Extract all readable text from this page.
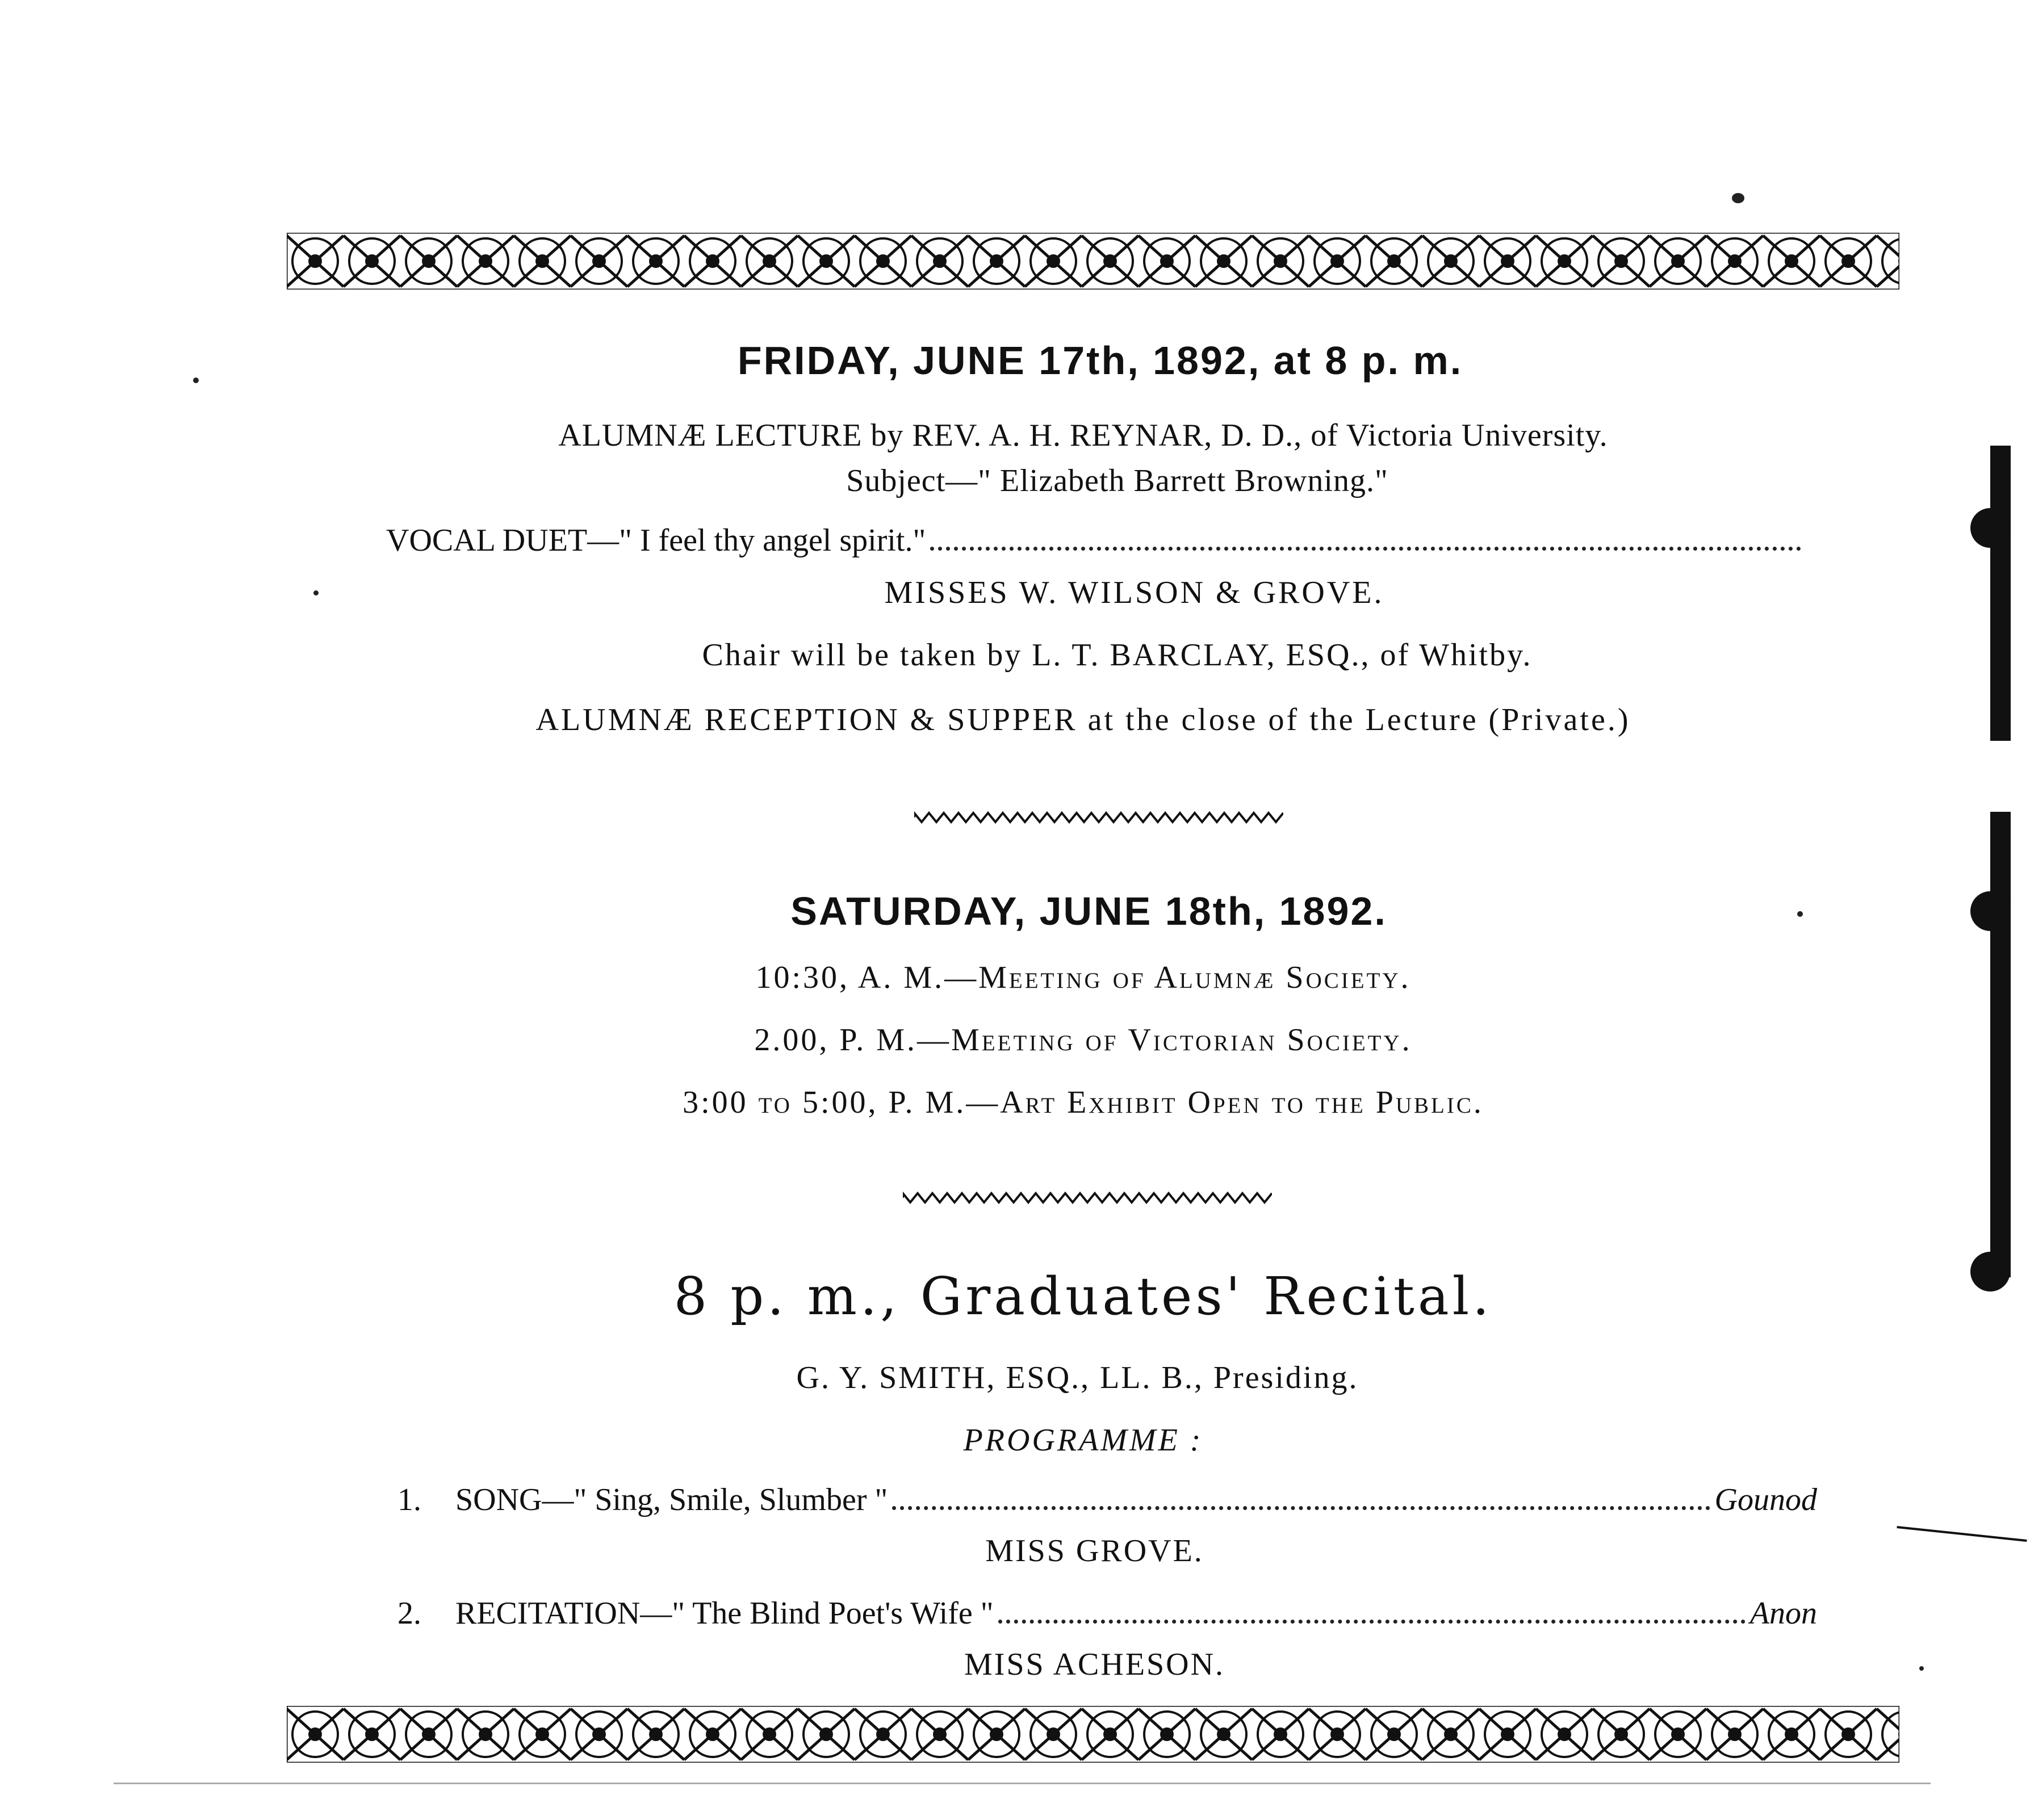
FRIDAY, JUNE 17th, 1892, at 8 p. m.
ALUMNÆ LECTURE by REV. A. H. REYNAR, D. D., of Victoria University.
Subject—" Elizabeth Barrett Browning."
VOCAL DUET—" I feel thy angel spirit."
MISSES W. WILSON & GROVE.
Chair will be taken by L. T. BARCLAY, ESQ., of Whitby.
ALUMNÆ RECEPTION & SUPPER at the close of the Lecture (Private.)
SATURDAY, JUNE 18th, 1892.
10:30, A. M.—Meeting of Alumnæ Society.
2.00, P. M.—Meeting of Victorian Society.
3:00 to 5:00, P. M.—Art Exhibit Open to the Public.
8 p. m., Graduates' Recital.
G. Y. SMITH, ESQ., LL. B., Presiding.
PROGRAMME :
1. SONG—" Sing, Smile, Slumber "	Gounod
MISS GROVE.
2. RECITATION—" The Blind Poet's Wife "	Anon
MISS ACHESON.
